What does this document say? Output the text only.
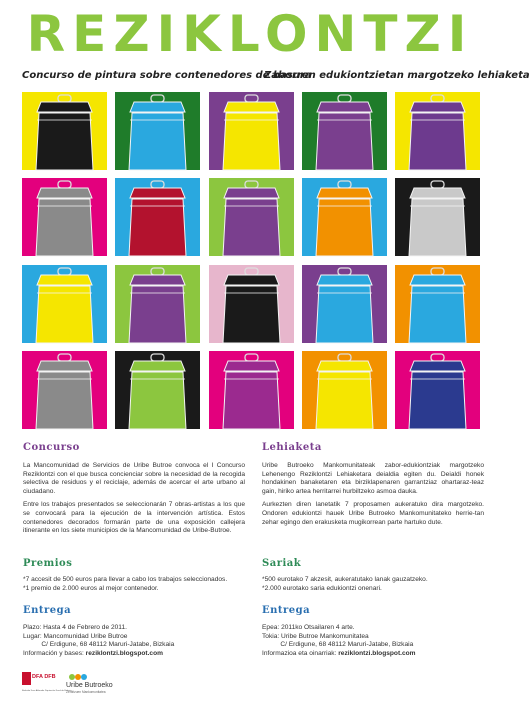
REZIKLONTZI
Concurso de pintura sobre contenedores de basura
Zaborren edukiontzietan margotzeko lehiaketa
Concurso

La Mancomunidad de Servicios de Uribe Butroe convoca el I Concurso Reziklontzi con el que busca concienciar sobre la necesidad de la recogida selectiva de residuos y el reciclaje, además de acercar el arte urbano al ciudadano.

Entre los trabajos presentados se seleccionarán 7 obras-artistas a los que se convocará para la ejecución de la intervención artística. Estos contenedores decorados formarán parte de una exposición callejera itinerante en los siete municipios de la Mancomunidad de Uribe-Butroe.

Premios
*7 accesit de 500 euros para llevar a cabo los trabajos seleccionados.
*1 premio de 2.000 euros al mejor contenedor.
Entrega
Plazo: Hasta 4 de Febrero de 2011.
Lugar: Mancomunidad Uribe Butroe
C/ Erdigune, 68 48112 Maruri-Jatabe, Bizkaia
Información y bases: reziklontzi.blogspot.com
Lehiaketa

Uribe Butroeko Mankomunitateak zabor-edukiontziak margotzeko Lehenengo Reziklontzi Lehiaketara deialdia egiten du. Deialdi honek hondakinen banaketaren eta birziklapenaren garrantziaz ohartaraz-teaz gain, hiriko artea herritarrei hurbiltzeko asmoa dauka.

Aurkezten diren lanetatik 7 proposamen aukeratuko dira margotzeko. Ondoren edukiontzi hauek Uribe Butroeko Mankomunitateko herrie-tan zehar egingo den erakusketa mugikorrean parte hartuko dute.

Sariak
*500 eurotako 7 akzesit, aukeratutako lanak gauzatzeko.
*2.000 eurotako saria edukiontzi onenari.
Entrega
Epea: 2011ko Otsailaren 4 arte.
Tokia: Uribe Butroe Mankomunitatea
C/ Erdigune, 68 48112 Maruri-Jatabe, Bizkaia
Informazioa eta oinarriak: reziklontzi.blogspot.com
DFA DFB
Bizkaiko Foru Aldundia Diputación Foral de Bizkaia
Uribe Butroeko
Zerbitzuen Mankomunitatea
